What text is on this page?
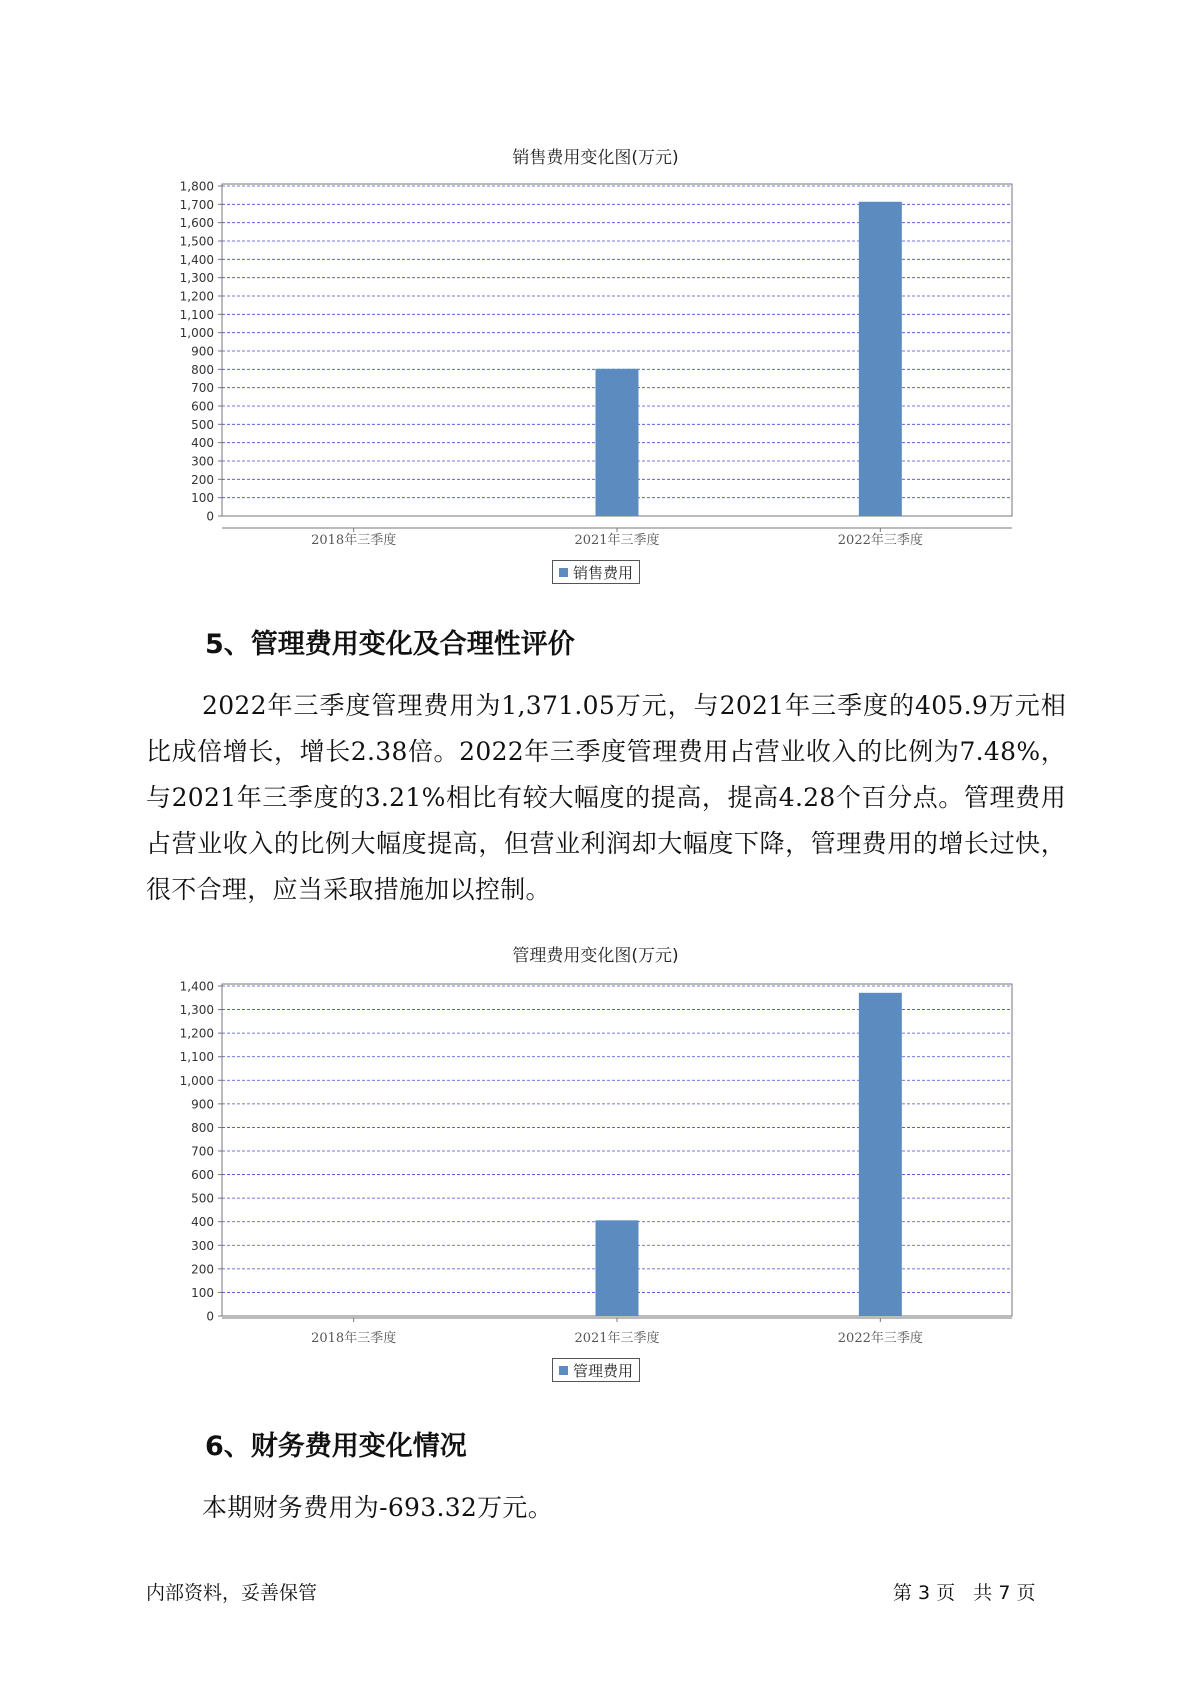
销售费用变化图(万元)
0
100
200
300
400
500
600
700
800
900
1,000
1,100
1,200
1,300
1,400
1,500
1,600
1,700
1,800
2018年三季度	2021年三季度	2022年三季度
销售费用
5、管理费用变化及合理性评价
2022年三季度管理费用为1,371.05万元，与2021年三季度的405.9万元相比成倍增长，增长2.38倍。2022年三季度管理费用占营业收入的比例为7.48%，与2021年三季度的3.21%相比有较大幅度的提高，提高4.28个百分点。管理费用占营业收入的比例大幅度提高，但营业利润却大幅度下降，管理费用的增长过快，很不合理，应当采取措施加以控制。
管理费用变化图(万元)
0
100
200
300
400
500
600
700
800
900
1,000
1,100
1,200
1,300
1,400
2018年三季度	2021年三季度	2022年三季度
管理费用
6、财务费用变化情况
本期财务费用为-693.32万元。
内部资料，妥善保管	第 3 页   共 7 页
